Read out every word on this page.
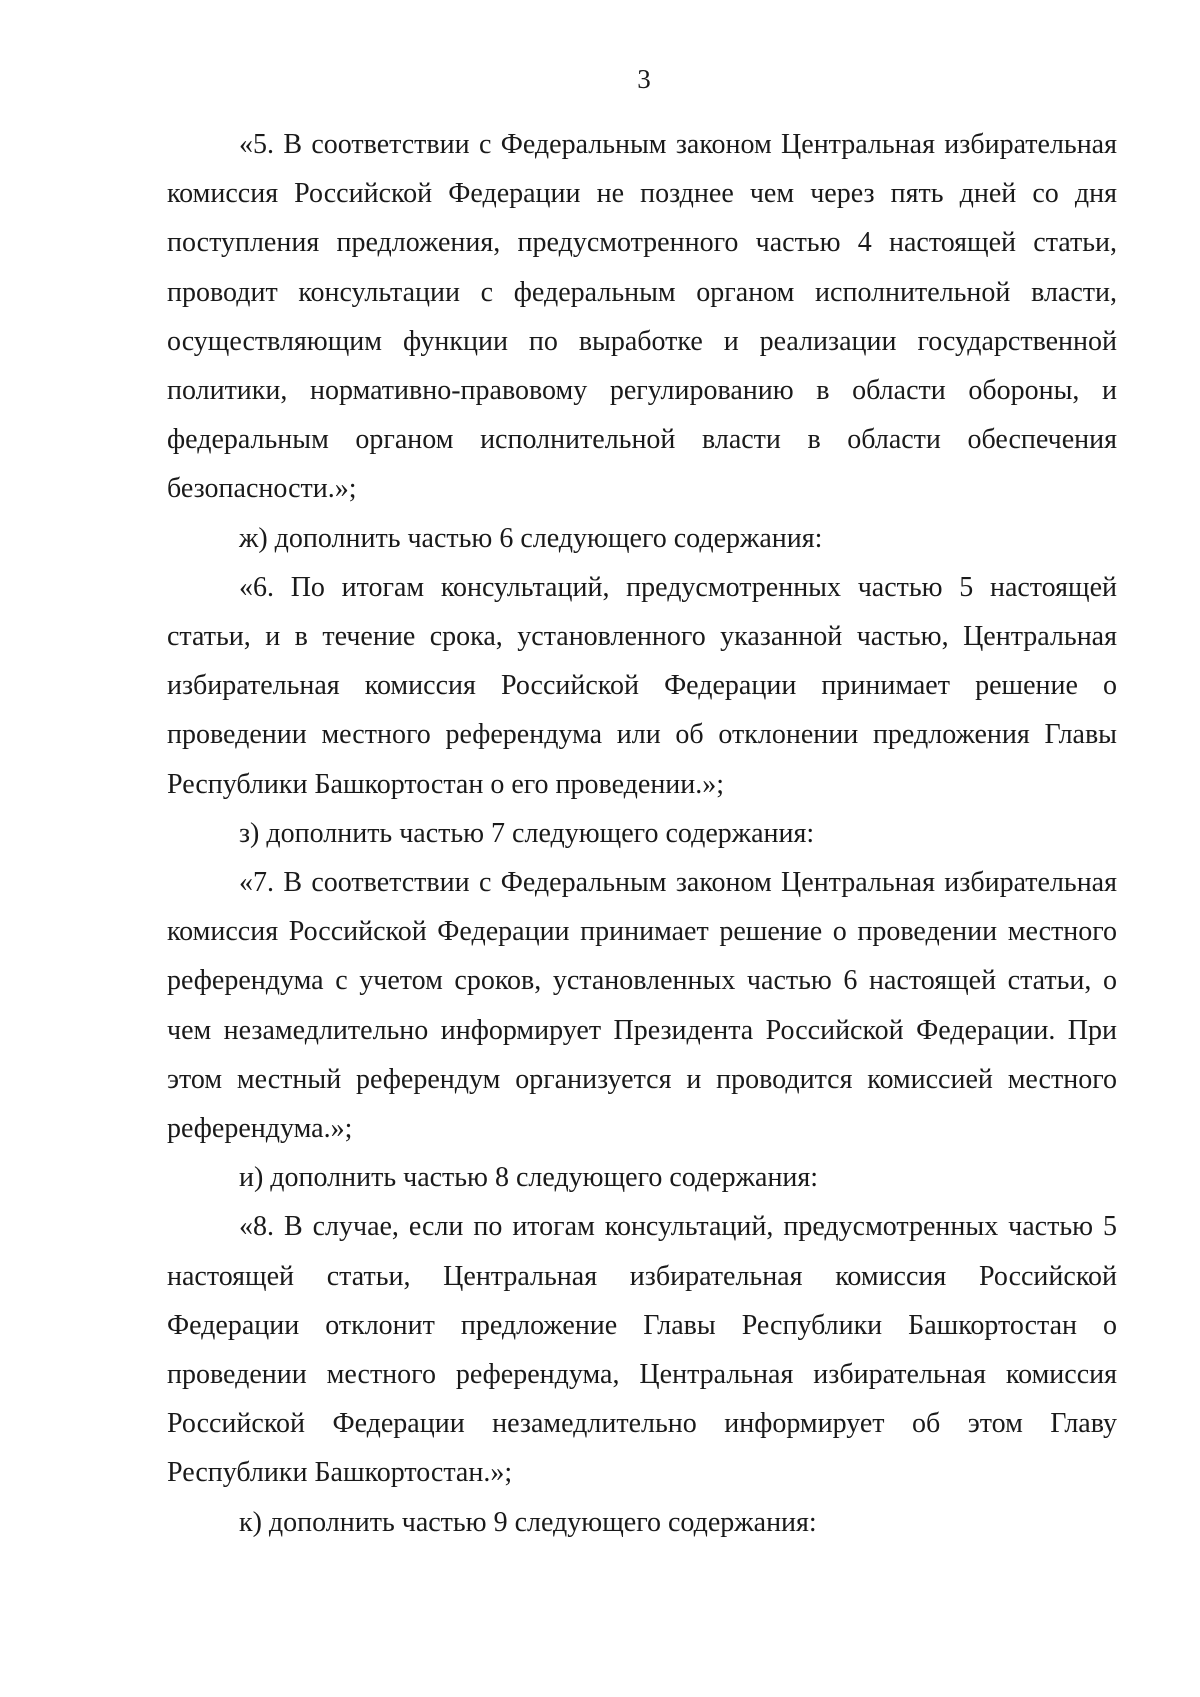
3

«5. В соответствии с Федеральным законом Центральная избирательная комиссия Российской Федерации не позднее чем через пять дней со дня поступления предложения, предусмотренного частью 4 настоящей статьи, проводит консультации с федеральным органом исполнительной власти, осуществляющим функции по выработке и реализации государственной политики, нормативно-правовому регулированию в области обороны, и федеральным органом исполнительной власти в области обеспечения безопасности.»;

ж) дополнить частью 6 следующего содержания:

«6. По итогам консультаций, предусмотренных частью 5 настоящей статьи, и в течение срока, установленного указанной частью, Центральная избирательная комиссия Российской Федерации принимает решение о проведении местного референдума или об отклонении предложения Главы Республики Башкортостан о его проведении.»;

з) дополнить частью 7 следующего содержания:

«7. В соответствии с Федеральным законом Центральная избирательная комиссия Российской Федерации принимает решение о проведении местного референдума с учетом сроков, установленных частью 6 настоящей статьи, о чем незамедлительно информирует Президента Российской Федерации. При этом местный референдум организуется и проводится комиссией местного референдума.»;

и) дополнить частью 8 следующего содержания:

«8. В случае, если по итогам консультаций, предусмотренных частью 5 настоящей статьи, Центральная избирательная комиссия Российской Федерации отклонит предложение Главы Республики Башкортостан о проведении местного референдума, Центральная избирательная комиссия Российской Федерации незамедлительно информирует об этом Главу Республики Башкортостан.»;

к) дополнить частью 9 следующего содержания:
